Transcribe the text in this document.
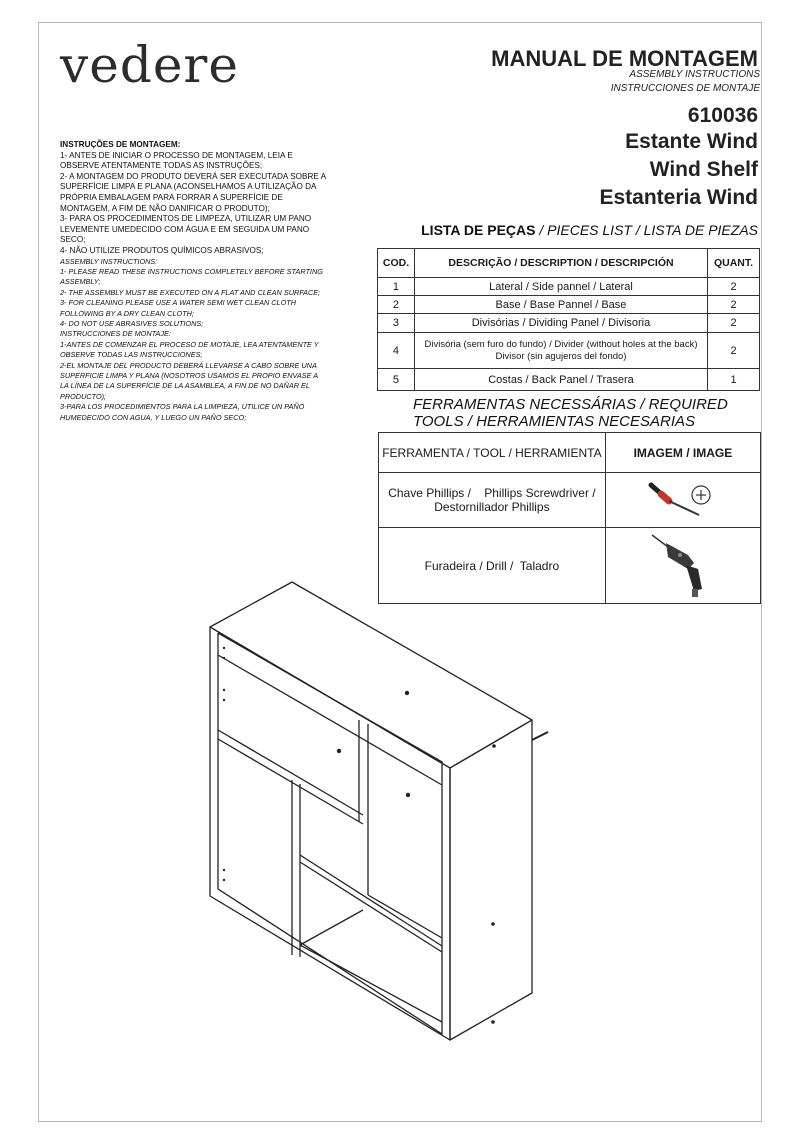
vedere	MANUAL DE MONTAGEM
ASSEMBLY INSTRUCTIONS
INSTRUCCIONES DE MONTAJE
610036
Estante Wind
Wind Shelf
Estanteria Wind
INSTRUÇÕES DE MONTAGEM:
1- ANTES DE INICIAR O PROCESSO DE MONTAGEM, LEIA E OBSERVE ATENTAMENTE TODAS AS INSTRUÇÕES;
2- A MONTAGEM DO PRODUTO DEVERÁ SER EXECUTADA SOBRE A SUPERFÍCIE LIMPA E PLANA (ACONSELHAMOS A UTILIZAÇÃO DA PRÓPRIA EMBALAGEM PARA FORRAR A SUPERFÍCIE DE MONTAGEM, A FIM DE NÃO DANIFICAR O PRODUTO);
3- PARA OS PROCEDIMENTOS DE LIMPEZA, UTILIZAR UM PANO LEVEMENTE UMEDECIDO COM ÁGUA E EM SEGUIDA UM PANO SECO;
4- NÃO UTILIZE PRODUTOS QUÍMICOS ABRASIVOS;
ASSEMBLY INSTRUCTIONS:
1- PLEASE READ THESE INSTRUCTIONS COMPLETELY BEFORE STARTING ASSEMBLY;
2- THE ASSEMBLY MUST BE EXECUTED ON A FLAT AND CLEAN SURFACE;
3- FOR CLEANING PLEASE USE A WATER SEMI WET CLEAN CLOTH FOLLOWING BY A DRY CLEAN CLOTH;
4- DO NOT USE ABRASIVES SOLUTIONS;
INSTRUCCIONES DE MONTAJE:
1-ANTES DE COMENZAR EL PROCESO DE MOTAJE, LEA ATENTAMENTE Y OBSERVE TODAS LAS INSTRUCCIONES;
2-EL MONTAJE DEL PRODUCTO DEBERÁ LLEVARSE A CABO SOBRE UNA SUPERFICIE LIMPA Y PLANA (NOSOTROS USAMOS EL PROPIO ENVASE A LA LÍNEA DE LA SUPERFÍCIE DE LA ASAMBLEA, A FIN DE NO DAÑAR EL PRODUCTO);
3-PARA LOS PROCEDIMIENTOS PARA LA LIMPIEZA, UTILICE UN PAÑO HUMEDECIDO CON AGUA, Y LUEGO UN PAÑO SECO;
LISTA DE PEÇAS / PIECES LIST / LISTA DE PIEZAS
COD.	DESCRIÇÃO / DESCRIPTION / DESCRIPCIÓN	QUANT.
1	Lateral / Side pannel / Lateral	2
2	Base / Base Pannel / Base	2
3	Divisórias / Dividing Panel / Divisoria	2
4	Divisória (sem furo do fundo) / Divider (without holes at the back)
Divisor (sin agujeros del fondo)	2
5	Costas / Back Panel / Trasera	1
FERRAMENTAS NECESSÁRIAS / REQUIRED TOOLS / HERRAMIENTAS NECESARIAS
FERRAMENTA / TOOL / HERRAMIENTA	IMAGEM / IMAGE

Chave Phillips /    Phillips Screwdriver /
Destornillador Phillips

Furadeira / Drill /  Taladro	
